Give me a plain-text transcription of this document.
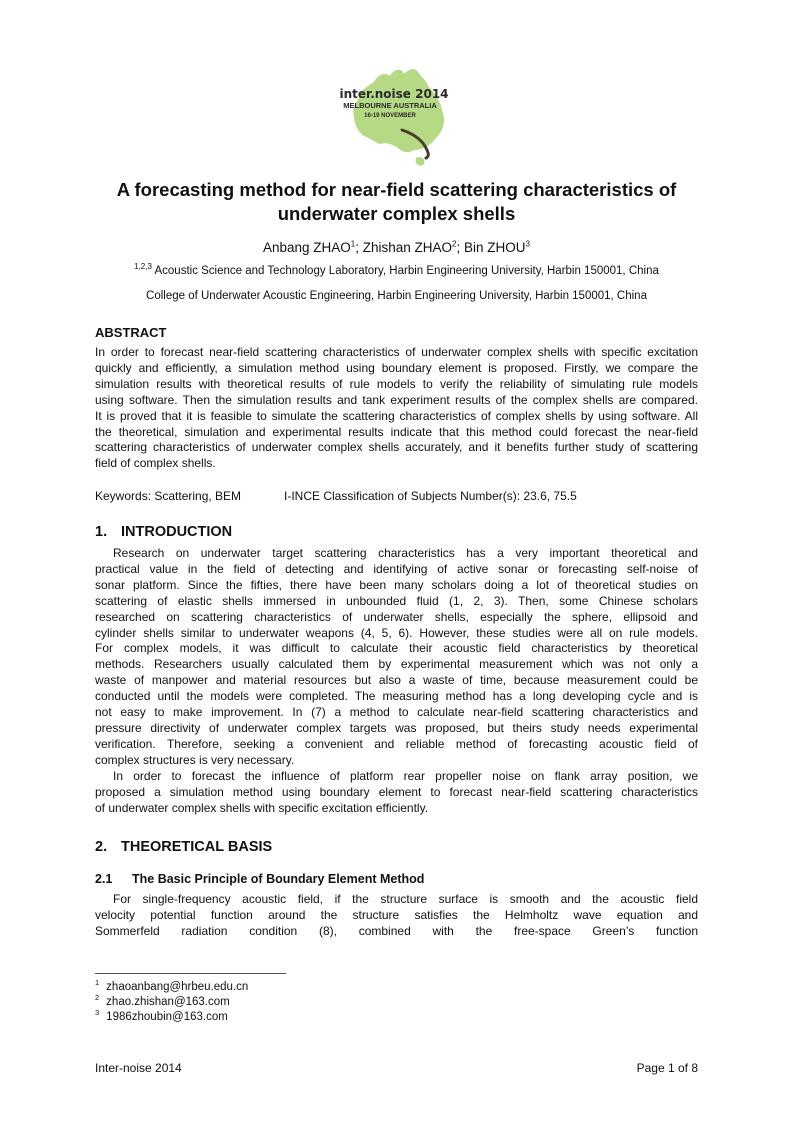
inter.noise 2014
MELBOURNE AUSTRALIA
16-19 NOVEMBER
A forecasting method for near-field scattering characteristics of
underwater complex shells
Anbang ZHAO$^1$; Zhishan ZHAO$^2$; Bin ZHOU$^3$
$^{1,2,3}$ Acoustic Science and Technology Laboratory, Harbin Engineering University, Harbin 150001, China
College of Underwater Acoustic Engineering, Harbin Engineering University, Harbin 150001, China
ABSTRACT
In order to forecast near-field scattering characteristics of underwater complex shells with specific excitation
quickly and efficiently, a simulation method using boundary element is proposed. Firstly, we compare the
simulation results with theoretical results of rule models to verify the reliability of simulating rule models
using software. Then the simulation results and tank experiment results of the complex shells are compared.
It is proved that it is feasible to simulate the scattering characteristics of complex shells by using software. All
the theoretical, simulation and experimental results indicate that this method could forecast the near-field
scattering characteristics of underwater complex shells accurately, and it benefits further study of scattering
field of complex shells.
Keywords: Scattering, BEM	I-INCE Classification of Subjects Number(s): 23.6, 75.5
1. INTRODUCTION
Research on underwater target scattering characteristics has a very important theoretical and
practical value in the field of detecting and identifying of active sonar or forecasting self-noise of
sonar platform. Since the fifties, there have been many scholars doing a lot of theoretical studies on
scattering of elastic shells immersed in unbounded fluid (1, 2, 3). Then, some Chinese scholars
researched on scattering characteristics of underwater shells, especially the sphere, ellipsoid and
cylinder shells similar to underwater weapons (4, 5, 6). However, these studies were all on rule models.
For complex models, it was difficult to calculate their acoustic field characteristics by theoretical
methods. Researchers usually calculated them by experimental measurement which was not only a
waste of manpower and material resources but also a waste of time, because measurement could be
conducted until the models were completed. The measuring method has a long developing cycle and is
not easy to make improvement. In (7) a method to calculate near-field scattering characteristics and
pressure directivity of underwater complex targets was proposed, but theirs study needs experimental
verification. Therefore, seeking a convenient and reliable method of forecasting acoustic field of
complex structures is very necessary.
In order to forecast the influence of platform rear propeller noise on flank array position, we
proposed a simulation method using boundary element to forecast near-field scattering characteristics
of underwater complex shells with specific excitation efficiently.
2. THEORETICAL BASIS
2.1 The Basic Principle of Boundary Element Method
For single-frequency acoustic field, if the structure surface is smooth and the acoustic field
velocity potential function around the structure satisfies the Helmholtz wave equation and
Sommerfeld radiation condition (8), combined with the free-space Green’s function
$^1$ zhaoanbang@hrbeu.edu.cn
$^2$ zhao.zhishan@163.com
$^3$ 1986zhoubin@163.com
Inter-noise 2014	Page 1 of 8
